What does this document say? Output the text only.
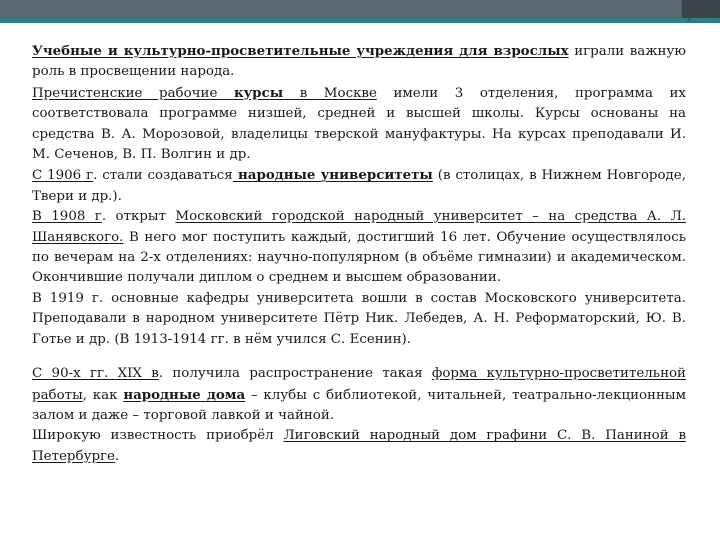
Учебные и культурно-просветительные учреждения для взрослых играли важную роль в просвещении народа.

Пречистенские рабочие курсы в Москве имели 3 отделения, программа их соответствовала программе низшей, средней и высшей школы. Курсы основаны на средства В. А. Морозовой, владелицы тверской мануфактуры. На курсах преподавали И. М. Сеченов, В. П. Волгин и др.

С 1906 г. стали создаваться народные университеты (в столицах, в Нижнем Новгороде, Твери и др.).

В 1908 г. открыт Московский городской народный университет – на средства А. Л. Шанявского. В него мог поступить каждый, достигший 16 лет. Обучение осуществлялось по вечерам на 2-х отделениях: научно-популярном (в объёме гимназии) и академическом. Окончившие получали диплом о среднем и высшем образовании.

В 1919 г. основные кафедры университета вошли в состав Московского университета. Преподавали в народном университете Пётр Ник. Лебедев, А. Н. Реформаторский, Ю. В. Готье и др. (В 1913-1914 гг. в нём учился С. Есенин).

С 90-х гг. XIX в. получила распространение такая форма культурно-просветительной работы, как народные дома – клубы с библиотекой, читальней, театрально-лекционным залом и даже – торговой лавкой и чайной.

Широкую известность приобрёл Лиговский народный дом графини С. В. Паниной в Петербурге.
